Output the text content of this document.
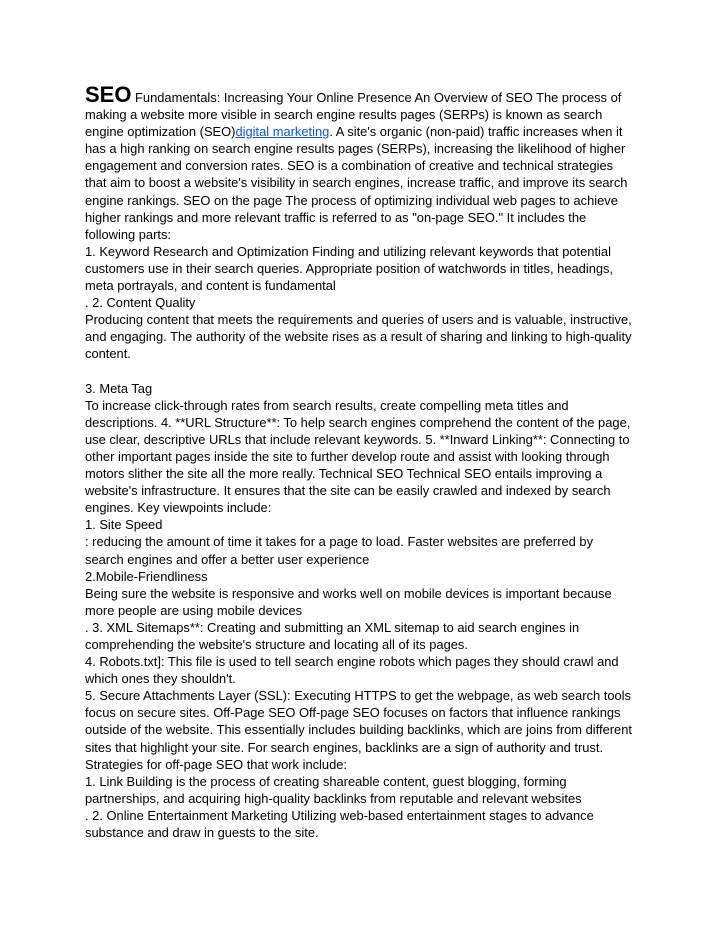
SEO Fundamentals: Increasing Your Online Presence An Overview of SEO The process of making a website more visible in search engine results pages (SERPs) is known as search engine optimization (SEO)digital marketing. A site's organic (non-paid) traffic increases when it has a high ranking on search engine results pages (SERPs), increasing the likelihood of higher engagement and conversion rates. SEO is a combination of creative and technical strategies that aim to boost a website's visibility in search engines, increase traffic, and improve its search engine rankings. SEO on the page The process of optimizing individual web pages to achieve higher rankings and more relevant traffic is referred to as "on-page SEO." It includes the following parts:

1. Keyword Research and Optimization Finding and utilizing relevant keywords that potential customers use in their search queries. Appropriate position of watchwords in titles, headings, meta portrayals, and content is fundamental

. 2. Content Quality

Producing content that meets the requirements and queries of users and is valuable, instructive, and engaging. The authority of the website rises as a result of sharing and linking to high-quality content.

3. Meta Tag

To increase click-through rates from search results, create compelling meta titles and descriptions. 4. **URL Structure**: To help search engines comprehend the content of the page, use clear, descriptive URLs that include relevant keywords. 5. **Inward Linking**: Connecting to other important pages inside the site to further develop route and assist with looking through motors slither the site all the more really. Technical SEO Technical SEO entails improving a website's infrastructure. It ensures that the site can be easily crawled and indexed by search engines. Key viewpoints include:

1. Site Speed

: reducing the amount of time it takes for a page to load. Faster websites are preferred by search engines and offer a better user experience

2.Mobile-Friendliness

Being sure the website is responsive and works well on mobile devices is important because more people are using mobile devices

. 3. XML Sitemaps**: Creating and submitting an XML sitemap to aid search engines in comprehending the website's structure and locating all of its pages.

4. Robots.txt]: This file is used to tell search engine robots which pages they should crawl and which ones they shouldn't.

5. Secure Attachments Layer (SSL): Executing HTTPS to get the webpage, as web search tools focus on secure sites. Off-Page SEO Off-page SEO focuses on factors that influence rankings outside of the website. This essentially includes building backlinks, which are joins from different sites that highlight your site. For search engines, backlinks are a sign of authority and trust. Strategies for off-page SEO that work include:

1. Link Building is the process of creating shareable content, guest blogging, forming partnerships, and acquiring high-quality backlinks from reputable and relevant websites

. 2. Online Entertainment Marketing Utilizing web-based entertainment stages to advance substance and draw in guests to the site.
